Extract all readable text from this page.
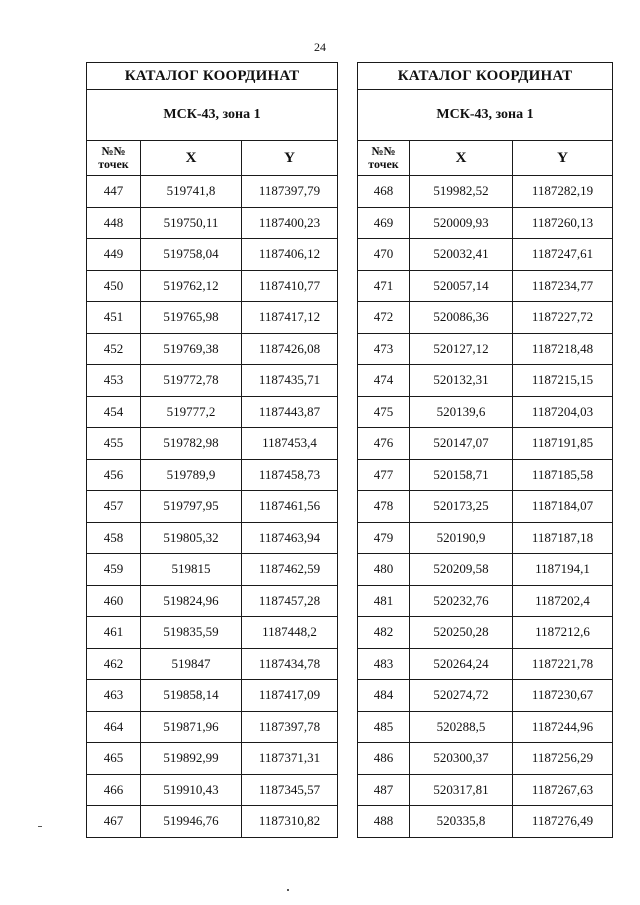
24
КАТАЛОГ КООРДИНАТ		
МСК-43, зона 1		
№№
точек	X	Y
447	519741,8	1187397,79
448	519750,11	1187400,23
449	519758,04	1187406,12
450	519762,12	1187410,77
451	519765,98	1187417,12
452	519769,38	1187426,08
453	519772,78	1187435,71
454	519777,2	1187443,87
455	519782,98	1187453,4
456	519789,9	1187458,73
457	519797,95	1187461,56
458	519805,32	1187463,94
459	519815	1187462,59
460	519824,96	1187457,28
461	519835,59	1187448,2
462	519847	1187434,78
463	519858,14	1187417,09
464	519871,96	1187397,78
465	519892,99	1187371,31
466	519910,43	1187345,57
467	519946,76	1187310,82
КАТАЛОГ КООРДИНАТ		
МСК-43, зона 1		
№№
точек	X	Y
468	519982,52	1187282,19
469	520009,93	1187260,13
470	520032,41	1187247,61
471	520057,14	1187234,77
472	520086,36	1187227,72
473	520127,12	1187218,48
474	520132,31	1187215,15
475	520139,6	1187204,03
476	520147,07	1187191,85
477	520158,71	1187185,58
478	520173,25	1187184,07
479	520190,9	1187187,18
480	520209,58	1187194,1
481	520232,76	1187202,4
482	520250,28	1187212,6
483	520264,24	1187221,78
484	520274,72	1187230,67
485	520288,5	1187244,96
486	520300,37	1187256,29
487	520317,81	1187267,63
488	520335,8	1187276,49
